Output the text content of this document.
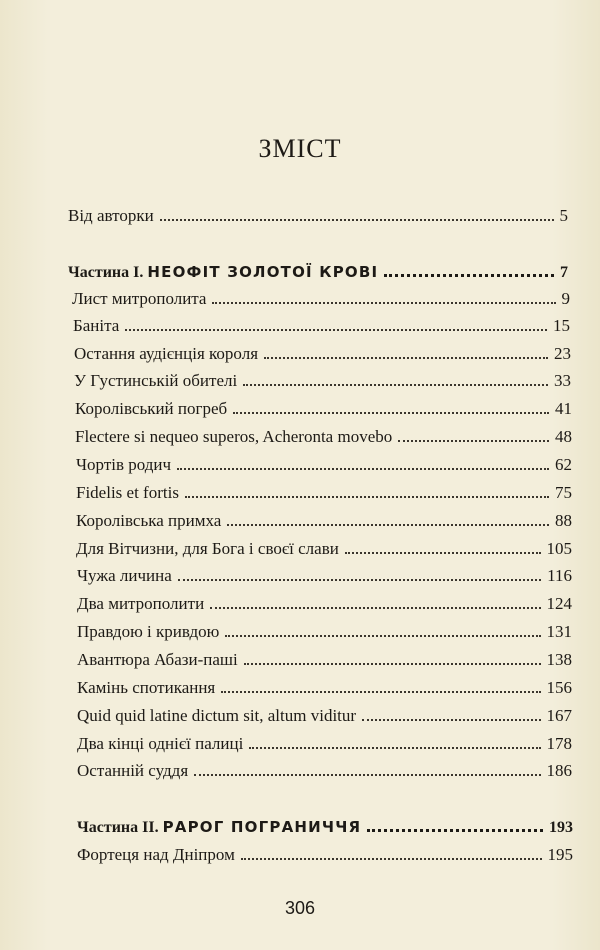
ЗМІСТ
Від авторки	5
Частина I. НЕОФІТ ЗОЛОТОЇ КРОВІ	7
Лист митрополита	9
Баніта	15
Остання аудієнція короля	23
У Густинській обителі	33
Королівський погреб	41
Flectere si nequeo superos, Acheronta movebo	48
Чортів родич	62
Fidelis et fortis	75
Королівська примха	88
Для Вітчизни, для Бога і своєї слави	105
Чужа личина	116
Два митрополити	124
Правдою і кривдою	131
Авантюра Абази-паші	138
Камінь спотикання	156
Quid quid latine dictum sit, altum viditur	167
Два кінці однієї палиці	178
Останній суддя	186
Частина II. РАРОГ ПОГРАНИЧЧЯ	193
Фортеця над Дніпром	195
306
